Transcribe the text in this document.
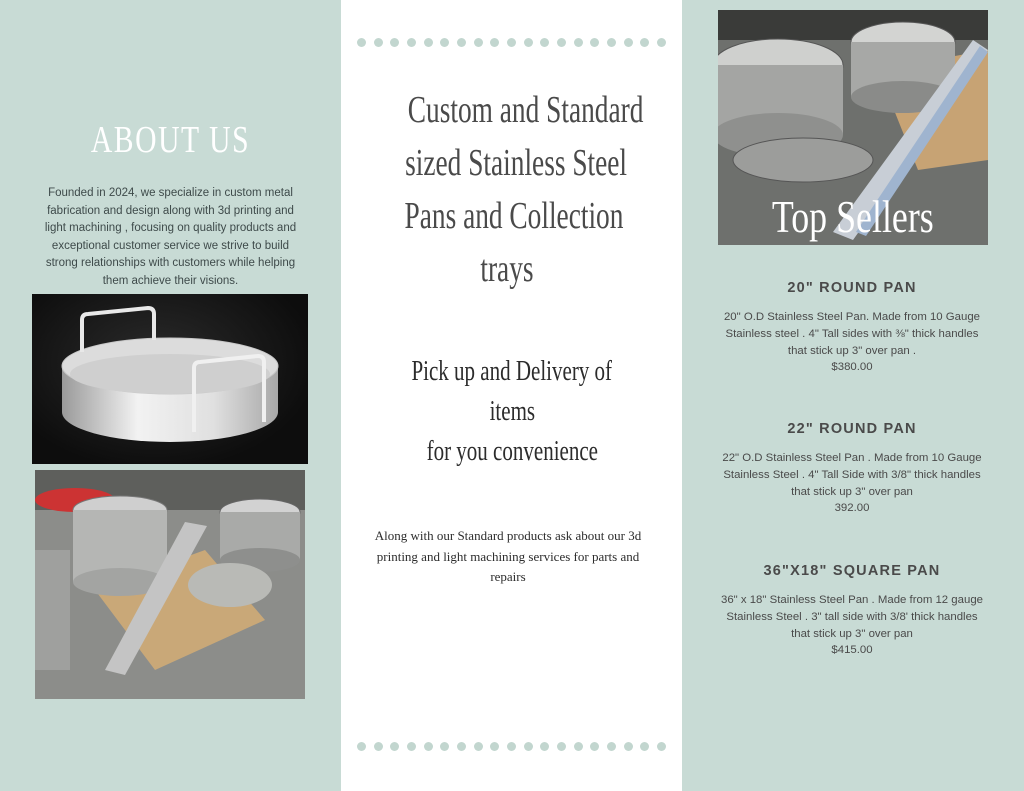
ABOUT US
Founded in 2024, we specialize in custom metal fabrication and design along with 3d printing and light machining , focusing on quality products and exceptional customer service we strive to build strong relationships with customers while helping them achieve their visions.
Custom and Standard
sized Stainless Steel
Pans and Collection
trays
Pick up and Delivery of
items
for you convenience
Along with our Standard products ask about our 3d printing and light machining services for parts and repairs
Top Sellers
20" ROUND PAN
20" O.D Stainless Steel Pan. Made from 10 Gauge
Stainless steel . 4" Tall sides with ⅜" thick handles
that stick up 3" over pan .
$380.00
22" ROUND PAN
22" O.D Stainless Steel Pan . Made from 10 Gauge
Stainless Steel . 4" Tall Side with 3/8" thick handles
that stick up 3" over pan
392.00
36"X18" SQUARE PAN
36" x 18" Stainless Steel Pan . Made from 12 gauge
Stainless Steel . 3" tall side with 3/8' thick handles
that stick up 3" over pan
$415.00
